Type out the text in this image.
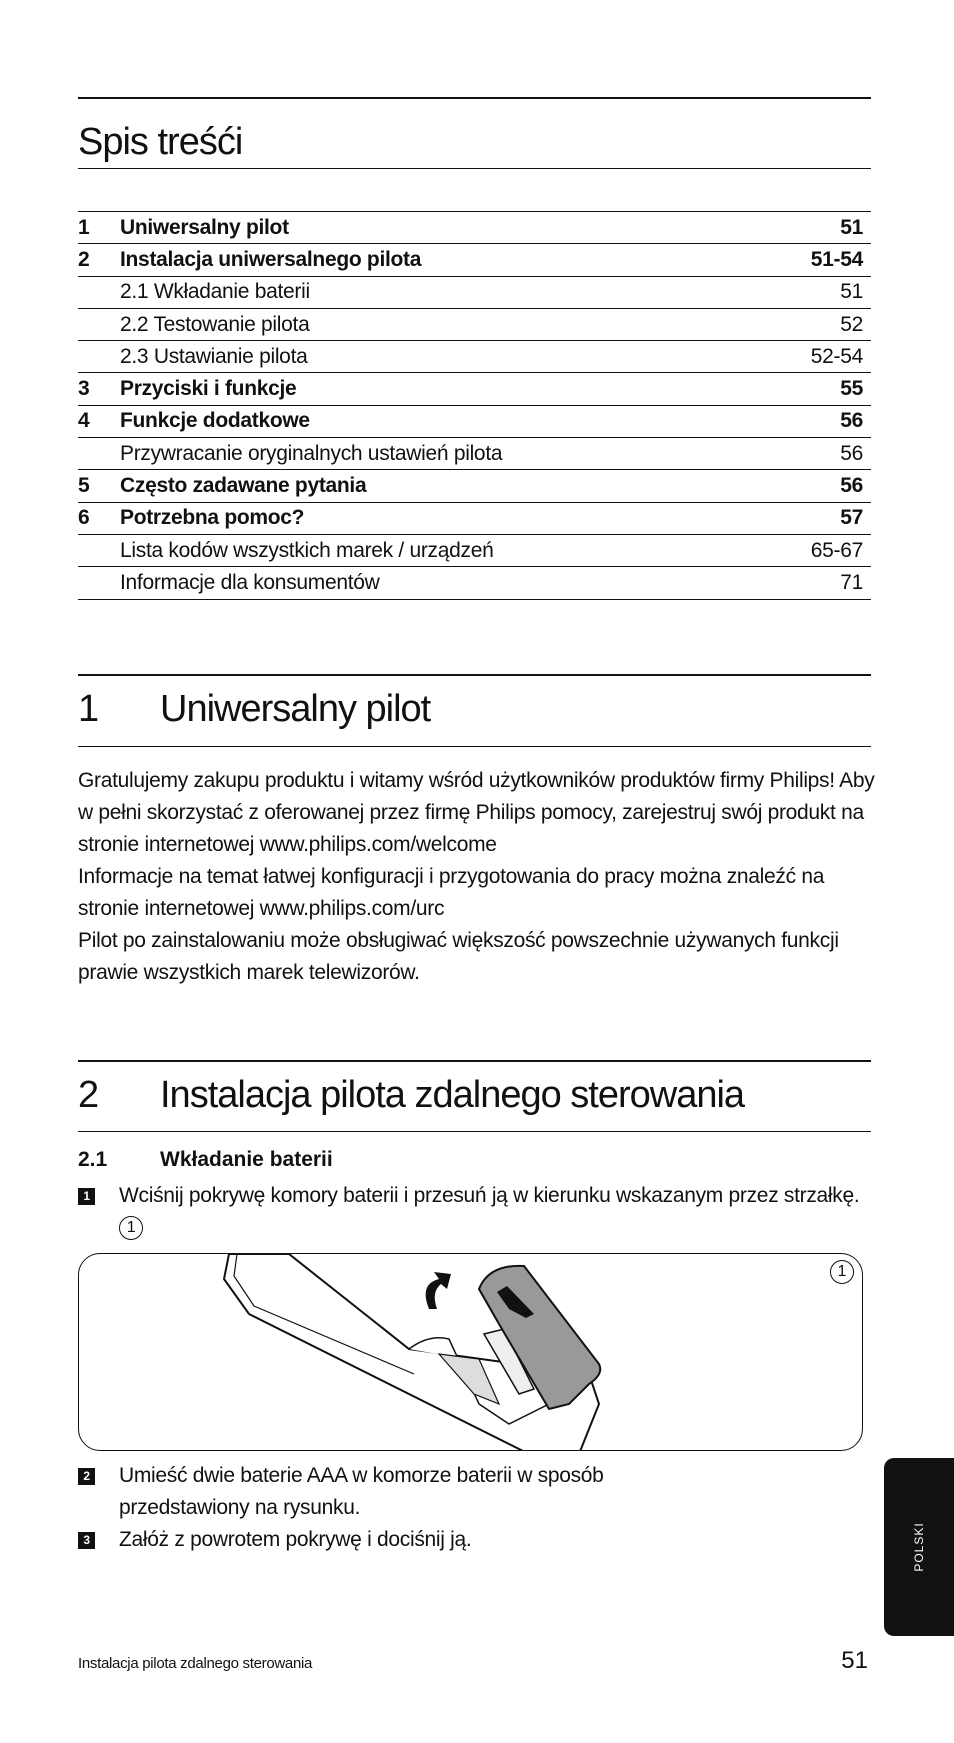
Spis treśći
1	Uniwersalny pilot	51
2	Instalacja uniwersalnego pilota	51-54
	2.1 Wkładanie baterii	51
	2.2 Testowanie pilota	52
	2.3 Ustawianie pilota	52-54
3	Przyciski i funkcje	55
4	Funkcje dodatkowe	56
	Przywracanie oryginalnych ustawień pilota	56
5	Często zadawane pytania	56
6	Potrzebna pomoc?	57
	Lista kodów wszystkich marek / urządzeń	65-67
	Informacje dla konsumentów	71
1 Uniwersalny pilot
Gratulujemy zakupu produktu i witamy wśród użytkowników produktów firmy Philips! Aby w pełni skorzystać z oferowanej przez firmę Philips pomocy, zarejestruj swój produkt na stronie internetowej www.philips.com/welcome
Informacje na temat łatwej konfiguracji i przygotowania do pracy można znaleźć na stronie internetowej www.philips.com/urc
Pilot po zainstalowaniu może obsługiwać większość powszechnie używanych funkcji prawie wszystkich marek telewizorów.
2 Instalacja pilota zdalnego sterowania
2.1	Wkładanie baterii
1 Wciśnij pokrywę komory baterii i przesuń ją w kierunku wskazanym przez strzałkę. 1
1
2 Umieść dwie baterie AAA w komorze baterii w sposób przedstawiony na rysunku.
3 Załóż z powrotem pokrywę i dociśnij ją.	POLSKI
Instalacja pilota zdalnego sterowania	51
